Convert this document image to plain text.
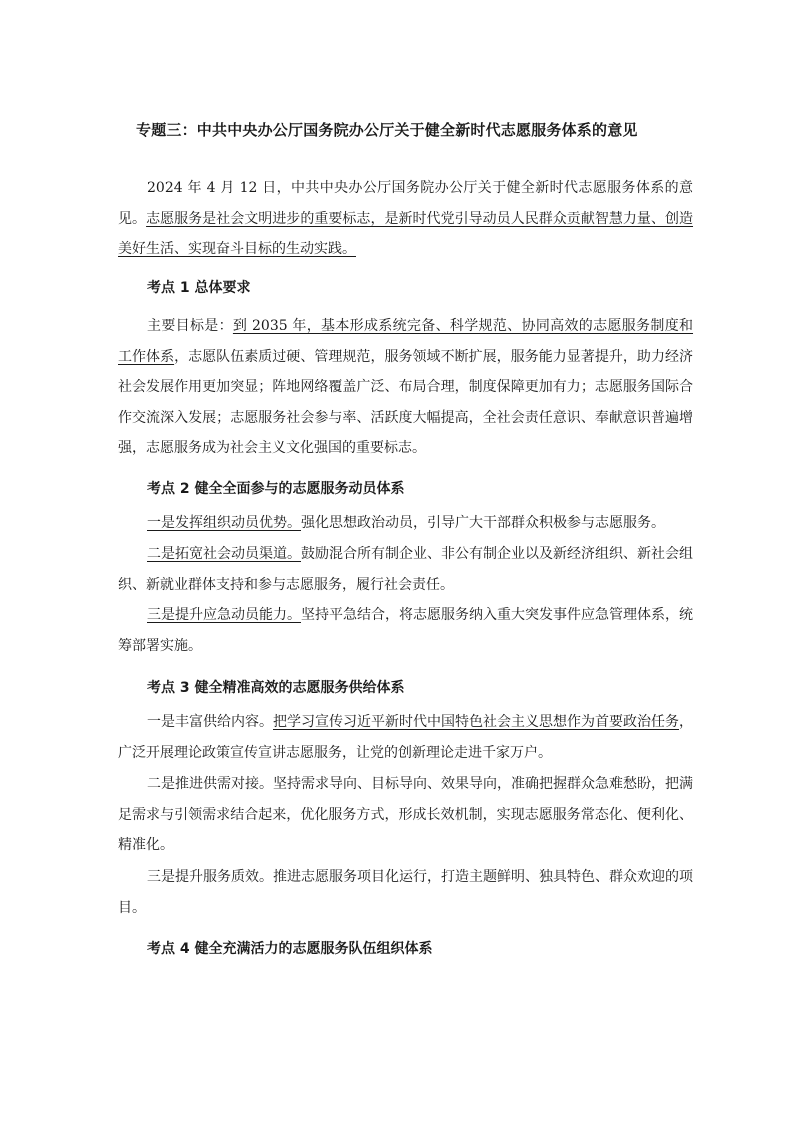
专题三：中共中央办公厅国务院办公厅关于健全新时代志愿服务体系的意见
2024 年 4 月 12 日，中共中央办公厅国务院办公厅关于健全新时代志愿服务体系的意见。志愿服务是社会文明进步的重要标志，是新时代党引导动员人民群众贡献智慧力量、创造美好生活、实现奋斗目标的生动实践。
考点 1 总体要求
主要目标是：到 2035 年，基本形成系统完备、科学规范、协同高效的志愿服务制度和工作体系，志愿队伍素质过硬、管理规范，服务领域不断扩展，服务能力显著提升，助力经济社会发展作用更加突显；阵地网络覆盖广泛、布局合理，制度保障更加有力；志愿服务国际合作交流深入发展；志愿服务社会参与率、活跃度大幅提高，全社会责任意识、奉献意识普遍增强，志愿服务成为社会主义文化强国的重要标志。
考点 2 健全全面参与的志愿服务动员体系
一是发挥组织动员优势。强化思想政治动员，引导广大干部群众积极参与志愿服务。
二是拓宽社会动员渠道。鼓励混合所有制企业、非公有制企业以及新经济组织、新社会组织、新就业群体支持和参与志愿服务，履行社会责任。
三是提升应急动员能力。坚持平急结合，将志愿服务纳入重大突发事件应急管理体系，统筹部署实施。
考点 3 健全精准高效的志愿服务供给体系
一是丰富供给内容。把学习宣传习近平新时代中国特色社会主义思想作为首要政治任务，广泛开展理论政策宣传宣讲志愿服务，让党的创新理论走进千家万户。
二是推进供需对接。坚持需求导向、目标导向、效果导向，准确把握群众急难愁盼，把满足需求与引领需求结合起来，优化服务方式，形成长效机制，实现志愿服务常态化、便利化、精准化。
三是提升服务质效。推进志愿服务项目化运行，打造主题鲜明、独具特色、群众欢迎的项目。
考点 4 健全充满活力的志愿服务队伍组织体系
